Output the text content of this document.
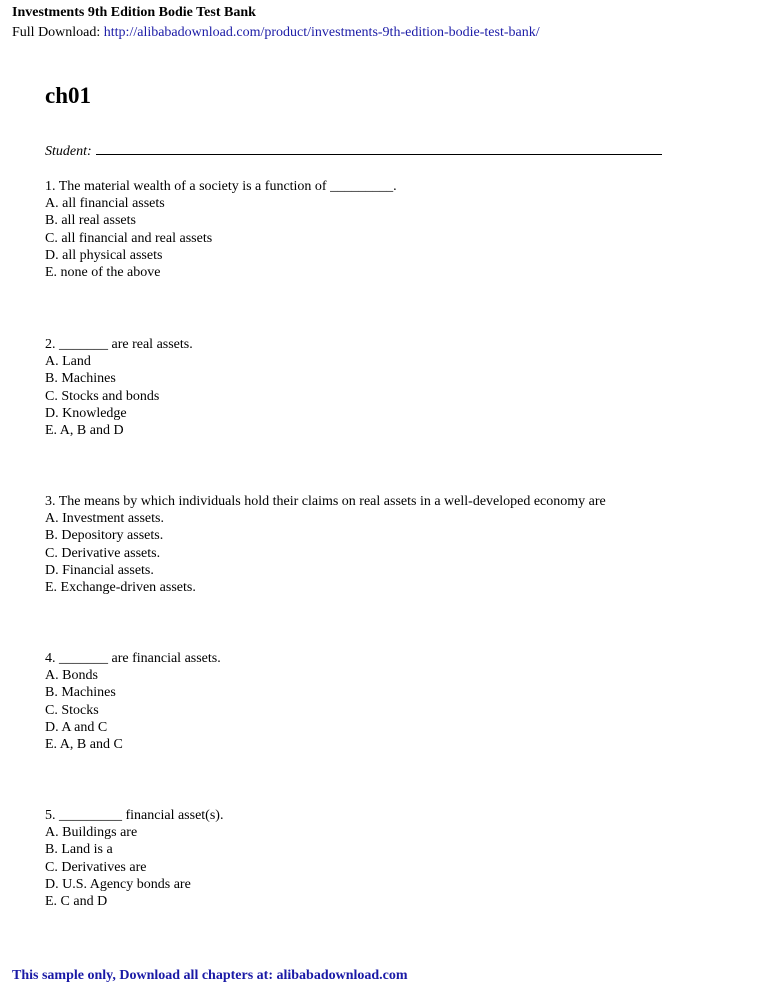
Investments 9th Edition Bodie Test Bank
Full Download: http://alibabadownload.com/product/investments-9th-edition-bodie-test-bank/
ch01
Student:
1. The material wealth of a society is a function of _________.
A. all financial assets
B. all real assets
C. all financial and real assets
D. all physical assets
E. none of the above
2. _______ are real assets.
A. Land
B. Machines
C. Stocks and bonds
D. Knowledge
E. A, B and D
3. The means by which individuals hold their claims on real assets in a well-developed economy are
A. Investment assets.
B. Depository assets.
C. Derivative assets.
D. Financial assets.
E. Exchange-driven assets.
4. _______ are financial assets.
A. Bonds
B. Machines
C. Stocks
D. A and C
E. A, B and C
5. _________ financial asset(s).
A. Buildings are
B. Land is a
C. Derivatives are
D. U.S. Agency bonds are
E. C and D
This sample only, Download all chapters at: alibabadownload.com
